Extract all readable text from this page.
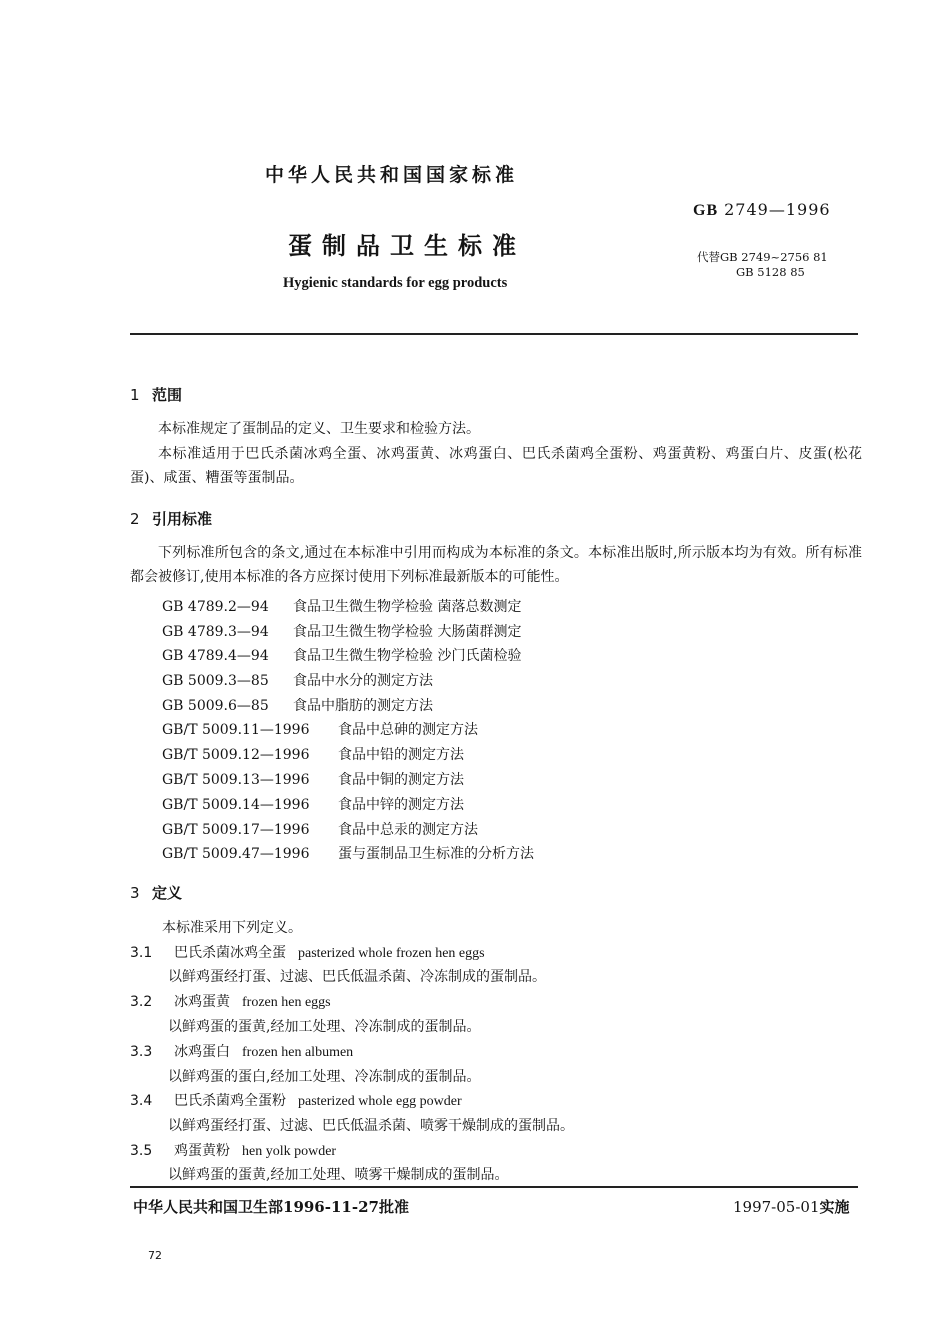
中华人民共和国国家标准
GB 2749—1996
蛋制品卫生标准	代替GB 2749~2756 81
GB 5128 85
Hygienic standards for egg products
1 范围
本标准规定了蛋制品的定义、卫生要求和检验方法。
本标准适用于巴氏杀菌冰鸡全蛋、冰鸡蛋黄、冰鸡蛋白、巴氏杀菌鸡全蛋粉、鸡蛋黄粉、鸡蛋白片、皮蛋(松花蛋)、咸蛋、糟蛋等蛋制品。
2 引用标准
下列标准所包含的条文,通过在本标准中引用而构成为本标准的条文。本标准出版时,所示版本均为有效。所有标准都会被修订,使用本标准的各方应探讨使用下列标准最新版本的可能性。
GB 4789.2—94 食品卫生微生物学检验 菌落总数测定
GB 4789.3—94 食品卫生微生物学检验 大肠菌群测定
GB 4789.4—94 食品卫生微生物学检验 沙门氏菌检验
GB 5009.3—85 食品中水分的测定方法
GB 5009.6—85 食品中脂肪的测定方法
GB/T 5009.11—1996 食品中总砷的测定方法
GB/T 5009.12—1996 食品中铅的测定方法
GB/T 5009.13—1996 食品中铜的测定方法
GB/T 5009.14—1996 食品中锌的测定方法
GB/T 5009.17—1996 食品中总汞的测定方法
GB/T 5009.47—1996 蛋与蛋制品卫生标准的分析方法
3 定义
本标准采用下列定义。
3.1 巴氏杀菌冰鸡全蛋 pasterized whole frozen hen eggs
以鲜鸡蛋经打蛋、过滤、巴氏低温杀菌、冷冻制成的蛋制品。
3.2 冰鸡蛋黄 frozen hen eggs
以鲜鸡蛋的蛋黄,经加工处理、冷冻制成的蛋制品。
3.3 冰鸡蛋白 frozen hen albumen
以鲜鸡蛋的蛋白,经加工处理、冷冻制成的蛋制品。
3.4 巴氏杀菌鸡全蛋粉 pasterized whole egg powder
以鲜鸡蛋经打蛋、过滤、巴氏低温杀菌、喷雾干燥制成的蛋制品。
3.5 鸡蛋黄粉 hen yolk powder
以鲜鸡蛋的蛋黄,经加工处理、喷雾干燥制成的蛋制品。
中华人民共和国卫生部1996-11-27批准	1997-05-01实施
72
